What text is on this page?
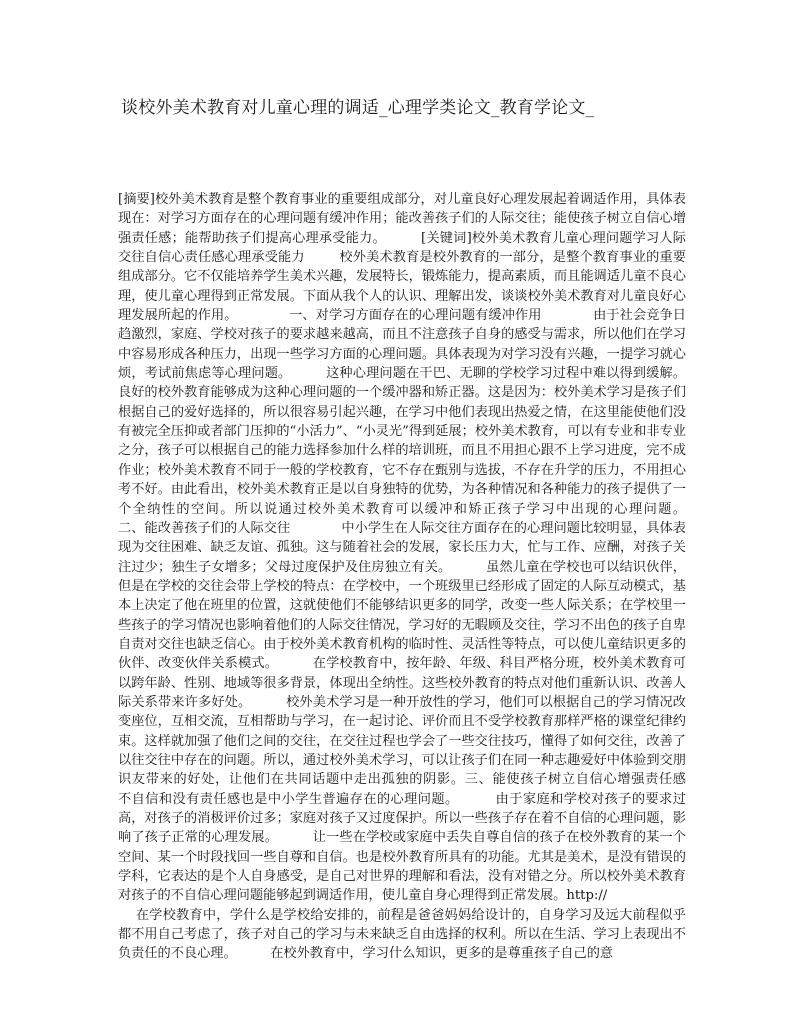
谈校外美术教育对儿童心理的调适_心理学类论文_教育学论文_
[摘要]校外美术教育是整个教育事业的重要组成部分，对儿童良好心理发展起着调适作用，具体表现在：对学习方面存在的心理问题有缓冲作用；能改善孩子们的人际交往；能使孩子树立自信心增强责任感；能帮助孩子们提高心理承受能力。        [关键词]校外美术教育儿童心理问题学习人际交往自信心责任感心理承受能力        校外美术教育是校外教育的一部分，是整个教育事业的重要组成部分。它不仅能培养学生美术兴趣，发展特长，锻炼能力，提高素质，而且能调适儿童不良心理，使儿童心理得到正常发展。下面从我个人的认识、理解出发，谈谈校外美术教育对儿童良好心理发展所起的作用。            一、对学习方面存在的心理问题有缓冲作用            由于社会竞争日趋激烈，家庭、学校对孩子的要求越来越高，而且不注意孩子自身的感受与需求，所以他们在学习中容易形成各种压力，出现一些学习方面的心理问题。具体表现为对学习没有兴趣，一提学习就心烦，考试前焦虑等心理问题。        这种心理问题在干巴、无聊的学校学习过程中难以得到缓解。良好的校外教育能够成为这种心理问题的一个缓冲器和矫正器。这是因为：校外美术学习是孩子们根据自己的爱好选择的，所以很容易引起兴趣，在学习中他们表现出热爱之情，在这里能使他们没有被完全压抑或者部门压抑的“小活力”、“小灵光”得到延展；校外美术教育，可以有专业和非专业之分，孩子可以根据自己的能力选择参加什么样的培训班，而且不用担心跟不上学习进度，完不成作业；校外美术教育不同于一般的学校教育，它不存在甄别与选拔，不存在升学的压力，不用担心考不好。由此看出，校外美术教育正是以自身独特的优势，为各种情况和各种能力的孩子提供了一个全纳性的空间。所以说通过校外美术教育可以缓冲和矫正孩子学习中出现的心理问题。            二、能改善孩子们的人际交往            中小学生在人际交往方面存在的心理问题比较明显，具体表现为交往困难、缺乏友谊、孤独。这与随着社会的发展，家长压力大，忙与工作、应酬，对孩子关注过少；独生子女增多；父母过度保护及住房独立有关。        虽然儿童在学校也可以结识伙伴，但是在学校的交往会带上学校的特点：在学校中，一个班级里已经形成了固定的人际互动模式，基本上决定了他在班里的位置，这就使他们不能够结识更多的同学，改变一些人际关系；在学校里一些孩子的学习情况也影响着他们的人际交往情况，学习好的无暇顾及交往，学习不出色的孩子自卑自责对交往也缺乏信心。由于校外美术教育机构的临时性、灵活性等特点，可以使儿童结识更多的伙伴、改变伙伴关系模式。        在学校教育中，按年龄、年级、科目严格分班，校外美术教育可以跨年龄、性别、地域等很多背景，体现出全纳性。这些校外教育的特点对他们重新认识、改善人际关系带来许多好处。        校外美术学习是一种开放性的学习，他们可以根据自己的学习情况改变座位，互相交流，互相帮助与学习，在一起讨论、评价而且不受学校教育那样严格的课堂纪律约束。这样就加强了他们之间的交往，在交往过程也学会了一些交往技巧，懂得了如何交往，改善了以往交往中存在的问题。所以，通过校外美术学习，可以让孩子们在同一种志趣爱好中体验到交朋识友带来的好处，让他们在共同话题中走出孤独的阴影。三、能使孩子树立自信心增强责任感            不自信和没有责任感也是中小学生普遍存在的心理问题。        由于家庭和学校对孩子的要求过高，对孩子的消极评价过多；家庭对孩子又过度保护。所以一些孩子存在着不自信的心理问题，影响了孩子正常的心理发展。        让一些在学校或家庭中丢失自尊自信的孩子在校外教育的某一个空间、某一个时段找回一些自尊和自信。也是校外教育所具有的功能。尤其是美术，是没有错误的学科，它表达的是个人自身感受，是自己对世界的理解和看法，没有对错之分。所以校外美术教育对孩子的不自信心理问题能够起到调适作用，使儿童自身心理得到正常发展。http://
在学校教育中，学什么是学校给安排的，前程是爸爸妈妈给设计的，自身学习及远大前程似乎都不用自己考虑了，孩子对自己的学习与未来缺乏自由选择的权利。所以在生活、学习上表现出不负责任的不良心理。        在校外教育中，学习什么知识，更多的是尊重孩子自己的意
